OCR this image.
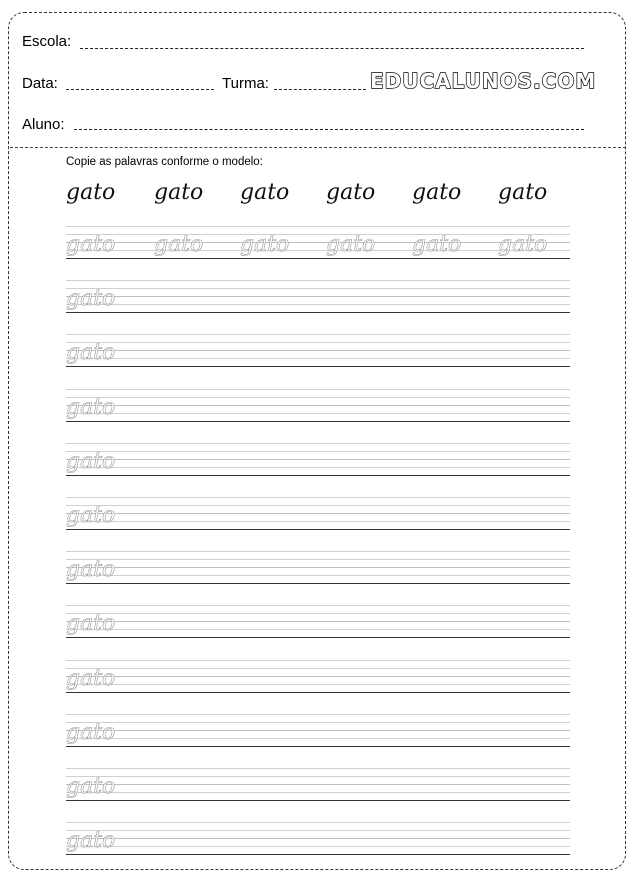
Escola:
Data:	Turma:	EDUCALUNOS.COM
Aluno:
Copie as palavras conforme o modelo:
gato gato gato gato gato gato
gato gato gato gato gato gato
gato
gato
gato
gato
gato
gato
gato
gato
gato
gato
gato
